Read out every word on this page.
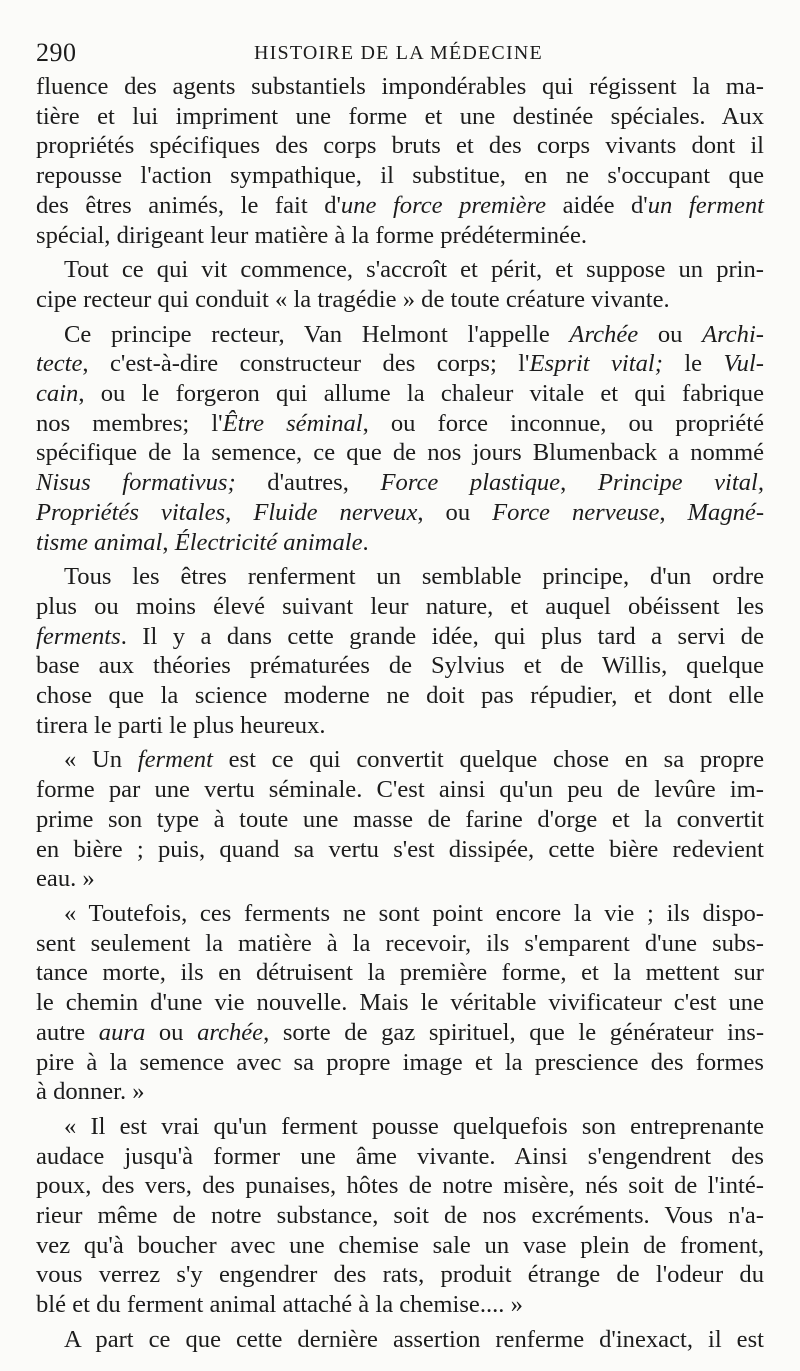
290	HISTOIRE DE LA MÉDECINE
fluence des agents substantiels impondérables qui régissent la ma-
tière et lui impriment une forme et une destinée spéciales. Aux
propriétés spécifiques des corps bruts et des corps vivants dont il
repousse l'action sympathique, il substitue, en ne s'occupant que
des êtres animés, le fait d'une force première aidée d'un ferment
spécial, dirigeant leur matière à la forme prédéterminée.
Tout ce qui vit commence, s'accroît et périt, et suppose un prin-
cipe recteur qui conduit « la tragédie » de toute créature vivante.
Ce principe recteur, Van Helmont l'appelle Archée ou Archi-
tecte, c'est-à-dire constructeur des corps; l'Esprit vital; le Vul-
cain, ou le forgeron qui allume la chaleur vitale et qui fabrique
nos membres; l'Être séminal, ou force inconnue, ou propriété
spécifique de la semence, ce que de nos jours Blumenback a nommé
Nisus formativus; d'autres, Force plastique, Principe vital,
Propriétés vitales, Fluide nerveux, ou Force nerveuse, Magné-
tisme animal, Électricité animale.
Tous les êtres renferment un semblable principe, d'un ordre
plus ou moins élevé suivant leur nature, et auquel obéissent les
ferments. Il y a dans cette grande idée, qui plus tard a servi de
base aux théories prématurées de Sylvius et de Willis, quelque
chose que la science moderne ne doit pas répudier, et dont elle
tirera le parti le plus heureux.
« Un ferment est ce qui convertit quelque chose en sa propre
forme par une vertu séminale. C'est ainsi qu'un peu de levûre im-
prime son type à toute une masse de farine d'orge et la convertit
en bière ; puis, quand sa vertu s'est dissipée, cette bière redevient
eau. »
« Toutefois, ces ferments ne sont point encore la vie ; ils dispo-
sent seulement la matière à la recevoir, ils s'emparent d'une subs-
tance morte, ils en détruisent la première forme, et la mettent sur
le chemin d'une vie nouvelle. Mais le véritable vivificateur c'est une
autre aura ou archée, sorte de gaz spirituel, que le générateur ins-
pire à la semence avec sa propre image et la prescience des formes
à donner. »
« Il est vrai qu'un ferment pousse quelquefois son entreprenante
audace jusqu'à former une âme vivante. Ainsi s'engendrent des
poux, des vers, des punaises, hôtes de notre misère, nés soit de l'inté-
rieur même de notre substance, soit de nos excréments. Vous n'a-
vez qu'à boucher avec une chemise sale un vase plein de froment,
vous verrez s'y engendrer des rats, produit étrange de l'odeur du
blé et du ferment animal attaché à la chemise.... »
A part ce que cette dernière assertion renferme d'inexact, il est
